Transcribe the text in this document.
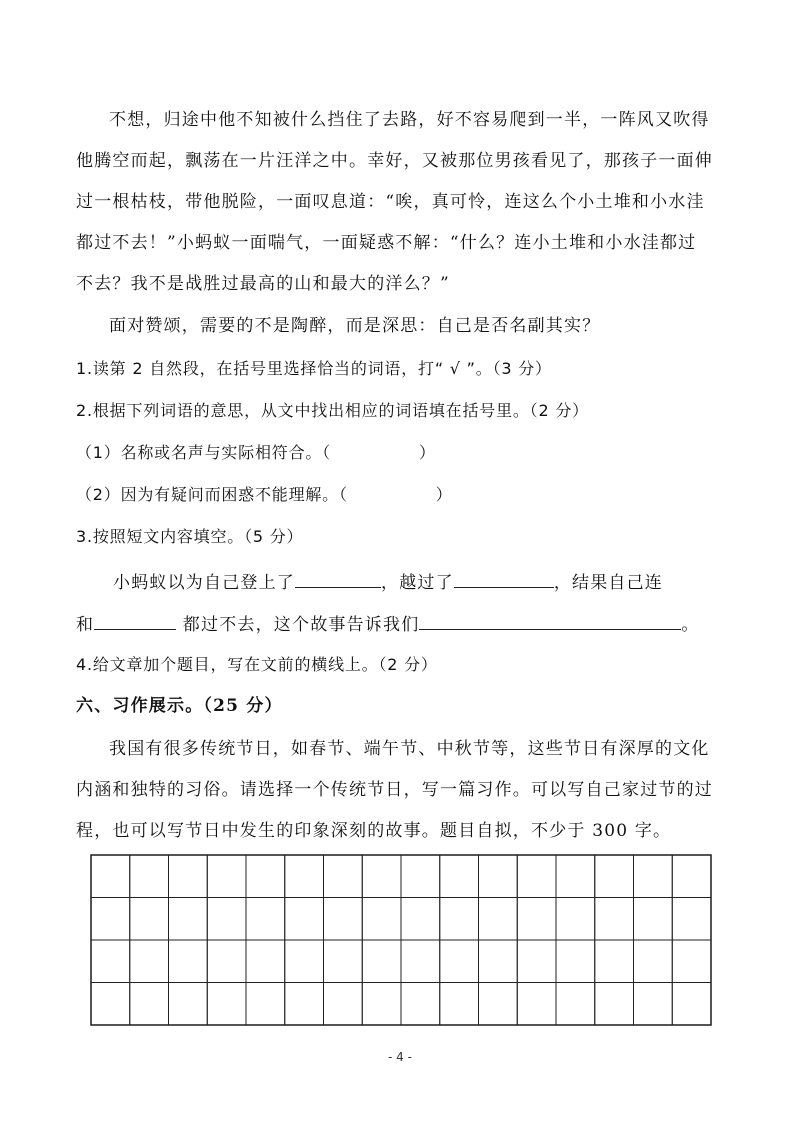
不想，归途中他不知被什么挡住了去路，好不容易爬到一半，一阵风又吹得
他腾空而起，飘荡在一片汪洋之中。幸好，又被那位男孩看见了，那孩子一面伸
过一根枯枝，带他脱险，一面叹息道：“唉，真可怜，连这么个小土堆和小水洼
都过不去！”小蚂蚁一面喘气，一面疑惑不解：“什么？连小土堆和小水洼都过
不去？我不是战胜过最高的山和最大的洋么？”
面对赞颂，需要的不是陶醉，而是深思：自己是否名副其实？
1.读第 2 自然段，在括号里选择恰当的词语，打“ √ ”。（3 分）
2.根据下列词语的意思，从文中找出相应的词语填在括号里。（2 分）
（1）名称或名声与实际相符合。（	）
（2）因为有疑问而困惑不能理解。（	）
3.按照短文内容填空。（5 分）
小蚂蚁以为自己登上了	，越过了	，结果自己连
和	都过不去，这个故事告诉我们	。
4.给文章加个题目，写在文前的横线上。（2 分）
六、习作展示。（25 分）
我国有很多传统节日，如春节、端午节、中秋节等，这些节日有深厚的文化
内涵和独特的习俗。请选择一个传统节日，写一篇习作。可以写自己家过节的过
程，也可以写节日中发生的印象深刻的故事。题目自拟，不少于 300 字。
- 4 -
